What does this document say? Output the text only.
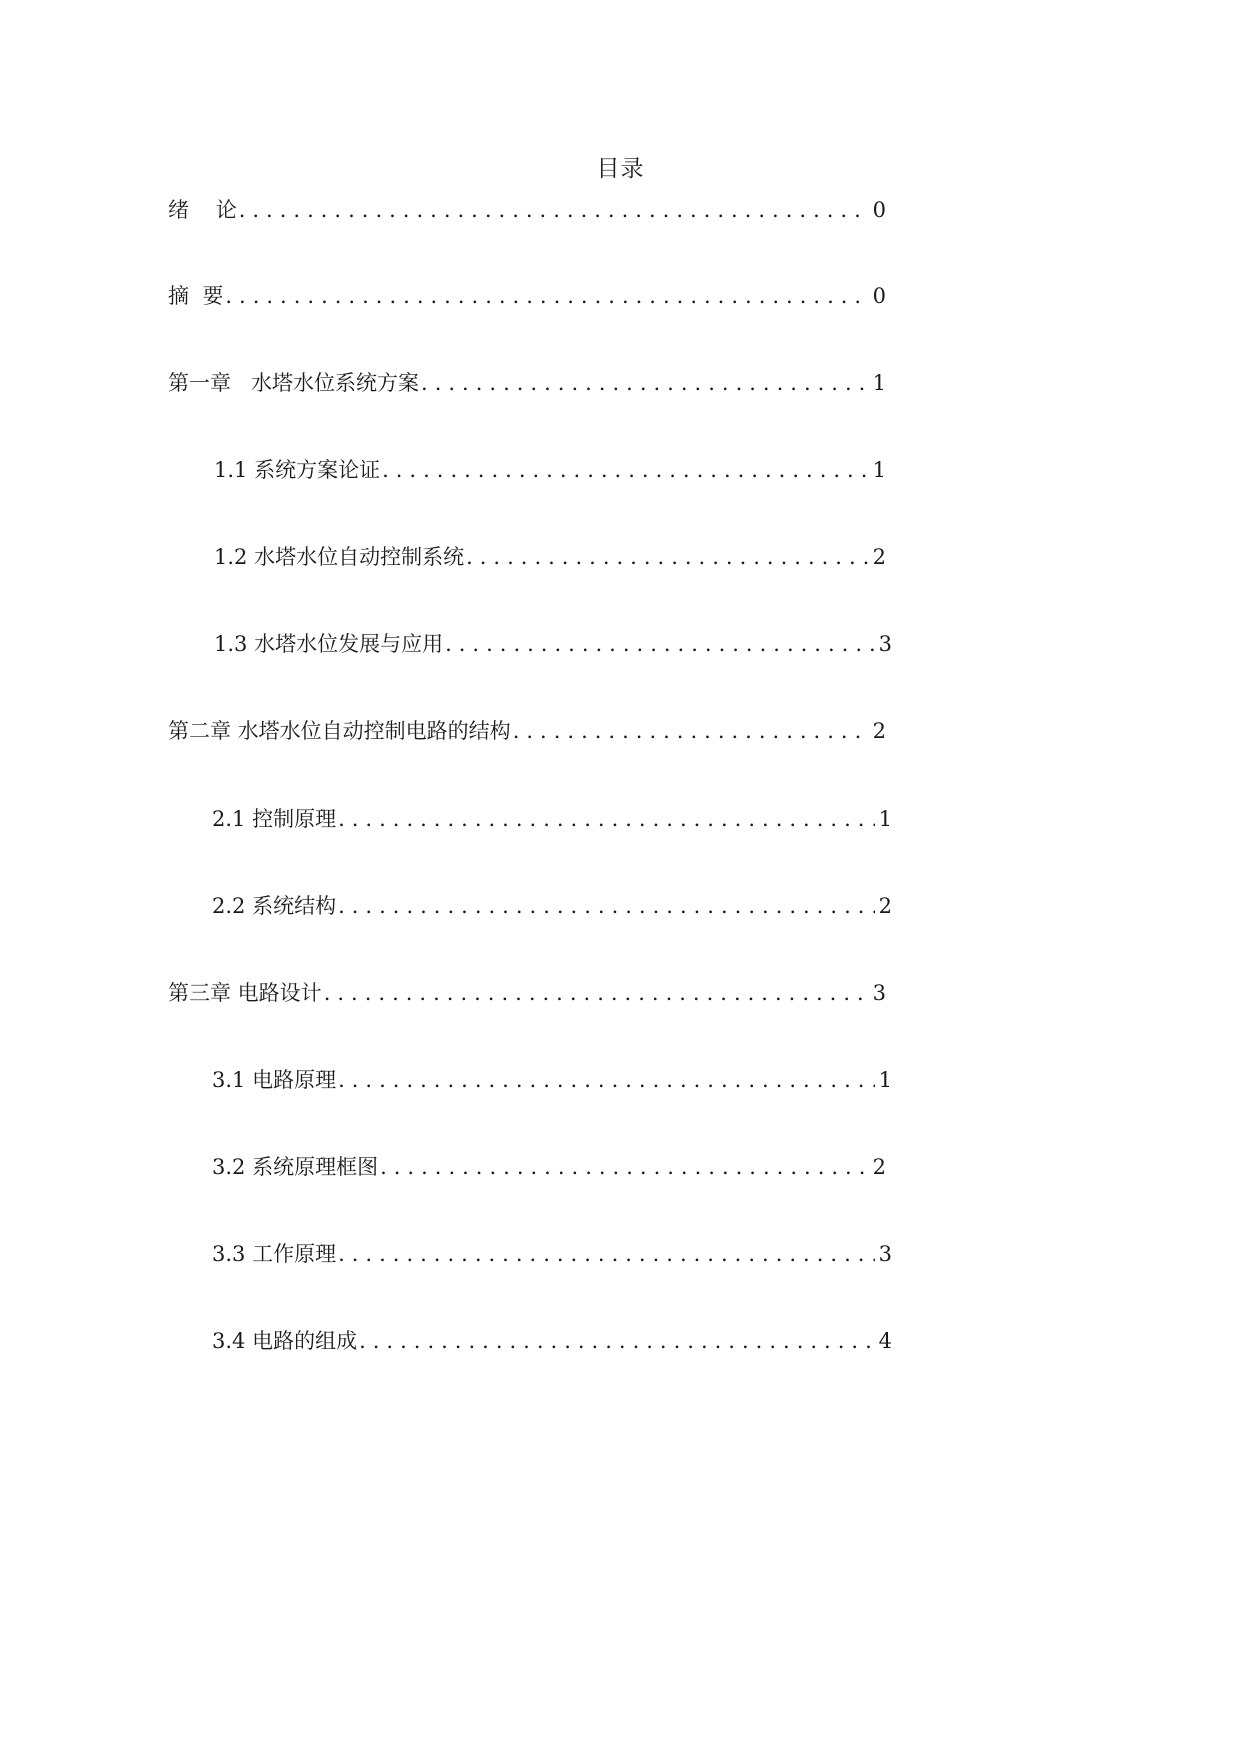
目录
绪    论 .....	0
摘  要 .....	0
第一章   水塔水位系统方案 .....	1
1.1 系统方案论证 .....	1
1.2 水塔水位自动控制系统 .....	2
1.3 水塔水位发展与应用 .....	3
第二章 水塔水位自动控制电路的结构 .....	2
2.1 控制原理 .....	1
2.2 系统结构 .....	2
第三章 电路设计 .....	3
3.1 电路原理 .....	1
3.2 系统原理框图 .....	2
3.3 工作原理 .....	3
3.4 电路的组成 .....	4
